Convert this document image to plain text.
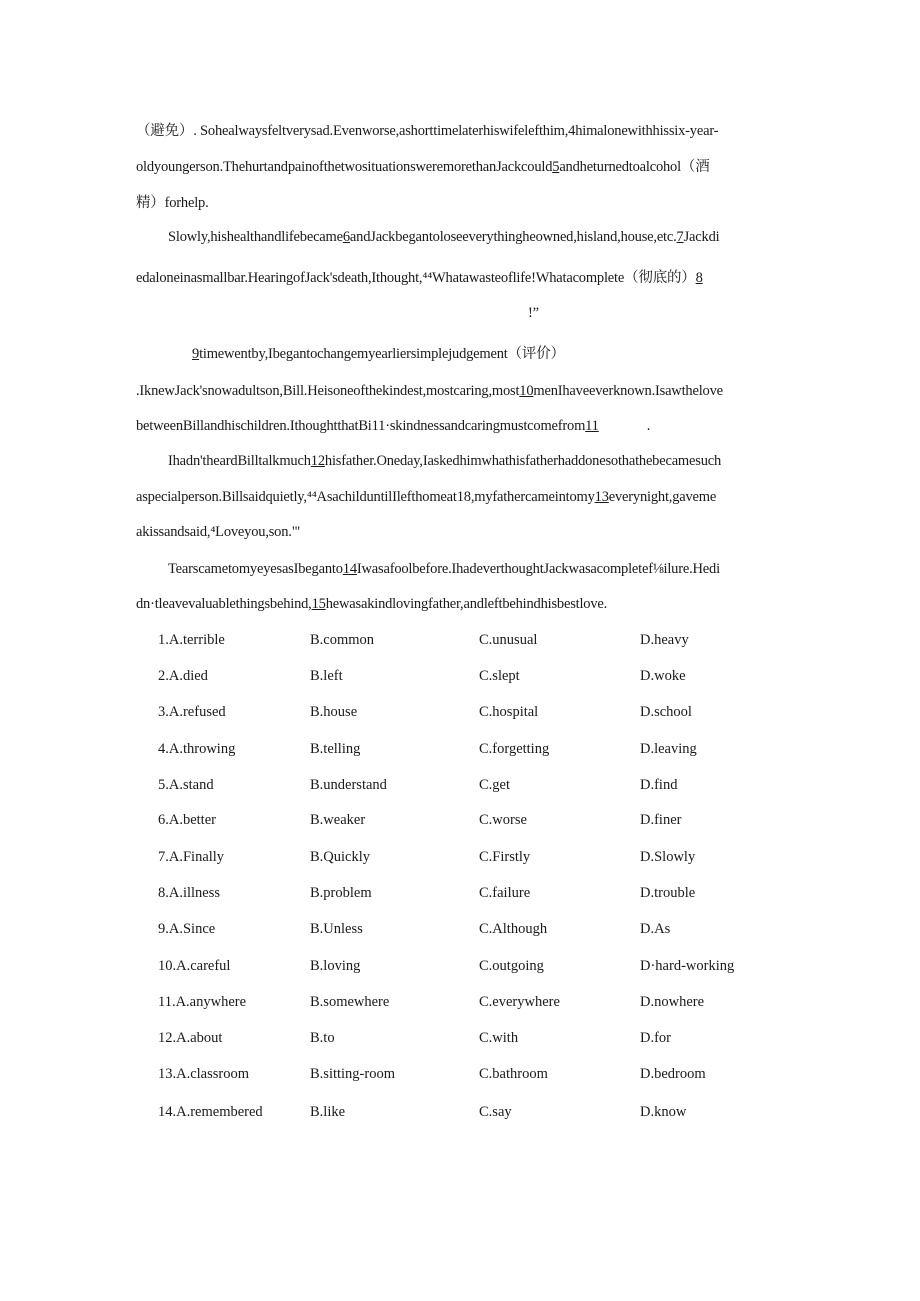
（避免）. Sohealwaysfeltverysad.Evenworse,ashorttimelaterhiswifelefthim,4himalonewithhissix-year-
oldyoungerson.ThehurtandpainofthetwosituationsweremorethanJackcould5andheturnedtoalcohol（酒
精）forhelp.
Slowly,hishealthandlifebecame6andJackbegantoloseeverythingheowned,hisland,house,etc.7Jackdi
edaloneinasmallbar.HearingofJack'sdeath,Ithought,⁴⁴Whatawasteoflife!Whatacomplete（彻底的）8
!”
9timewentby,Ibegantochangemyearliersimplejudgement（评价）
.IknewJack'snowadultson,Bill.Heisoneofthekindest,mostcaring,most10menIhaveeverknown.Isawthelove
betweenBillandhischildren.IthoughtthatBi11·skindnessandcaringmustcomefrom11	.
Ihadn'theardBilltalkmuch12hisfather.Oneday,Iaskedhimwhathisfatherhaddonesothathebecamesuch
aspecialperson.Billsaidquietly,⁴⁴AsachilduntilIlefthomeat18,myfathercameintomy13everynight,gaveme
akissandsaid,⁴Loveyou,son."'
TearscametomyeyesasIbeganto14Iwasafoolbefore.IhadeverthoughtJackwasacompletef⅛ilure.Hedi
dn·tleavevaluablethingsbehind,15hewasakindlovingfather,andleftbehindhisbestlove.
1.A.terrible	B.common	C.unusual	D.heavy
2.A.died	B.left	C.slept	D.woke
3.A.refused	B.house	C.hospital	D.school
4.A.throwing	B.telling	C.forgetting	D.leaving
5.A.stand	B.understand	C.get	D.find
6.A.better	B.weaker	C.worse	D.finer
7.A.Finally	B.Quickly	C.Firstly	D.Slowly
8.A.illness	B.problem	C.failure	D.trouble
9.A.Since	B.Unless	C.Although	D.As
10.A.careful	B.loving	C.outgoing	D·hard-working
11.A.anywhere	B.somewhere	C.everywhere	D.nowhere
12.A.about	B.to	C.with	D.for
13.A.classroom	B.sitting-room	C.bathroom	D.bedroom
14.A.remembered	B.like	C.say	D.know
